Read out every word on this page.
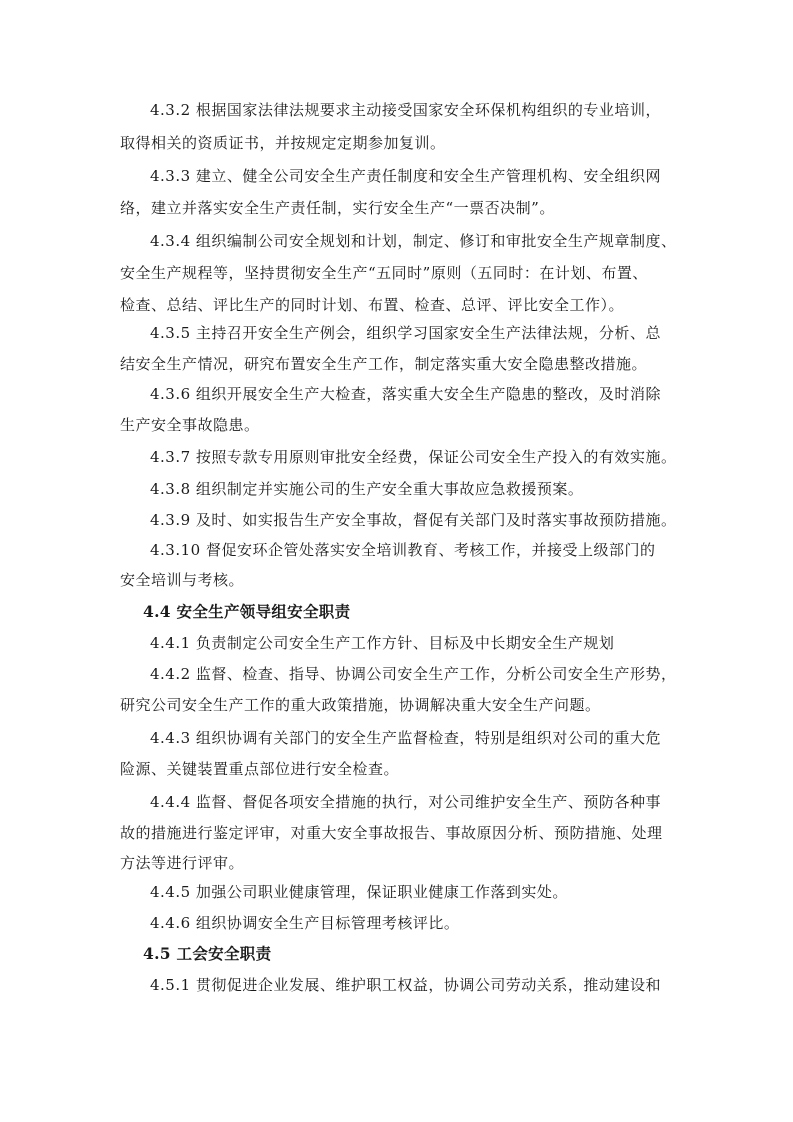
4.3.2 根据国家法律法规要求主动接受国家安全环保机构组织的专业培训，
取得相关的资质证书，并按规定定期参加复训。
4.3.3 建立、健全公司安全生产责任制度和安全生产管理机构、安全组织网
络，建立并落实安全生产责任制，实行安全生产“一票否决制”。
4.3.4 组织编制公司安全规划和计划，制定、修订和审批安全生产规章制度、
安全生产规程等，坚持贯彻安全生产“五同时”原则（五同时：在计划、布置、
检查、总结、评比生产的同时计划、布置、检查、总评、评比安全工作）。
4.3.5 主持召开安全生产例会，组织学习国家安全生产法律法规，分析、总
结安全生产情况，研究布置安全生产工作，制定落实重大安全隐患整改措施。
4.3.6 组织开展安全生产大检查，落实重大安全生产隐患的整改，及时消除
生产安全事故隐患。
4.3.7 按照专款专用原则审批安全经费，保证公司安全生产投入的有效实施。
4.3.8 组织制定并实施公司的生产安全重大事故应急救援预案。
4.3.9 及时、如实报告生产安全事故，督促有关部门及时落实事故预防措施。
4.3.10 督促安环企管处落实安全培训教育、考核工作，并接受上级部门的
安全培训与考核。
4.4 安全生产领导组安全职责
4.4.1 负责制定公司安全生产工作方针、目标及中长期安全生产规划
4.4.2 监督、检查、指导、协调公司安全生产工作，分析公司安全生产形势，
研究公司安全生产工作的重大政策措施，协调解决重大安全生产问题。
4.4.3 组织协调有关部门的安全生产监督检查，特别是组织对公司的重大危
险源、关键装置重点部位进行安全检查。
4.4.4 监督、督促各项安全措施的执行，对公司维护安全生产、预防各种事
故的措施进行鉴定评审，对重大安全事故报告、事故原因分析、预防措施、处理
方法等进行评审。
4.4.5 加强公司职业健康管理，保证职业健康工作落到实处。
4.4.6 组织协调安全生产目标管理考核评比。
4.5 工会安全职责
4.5.1 贯彻促进企业发展、维护职工权益，协调公司劳动关系，推动建设和
